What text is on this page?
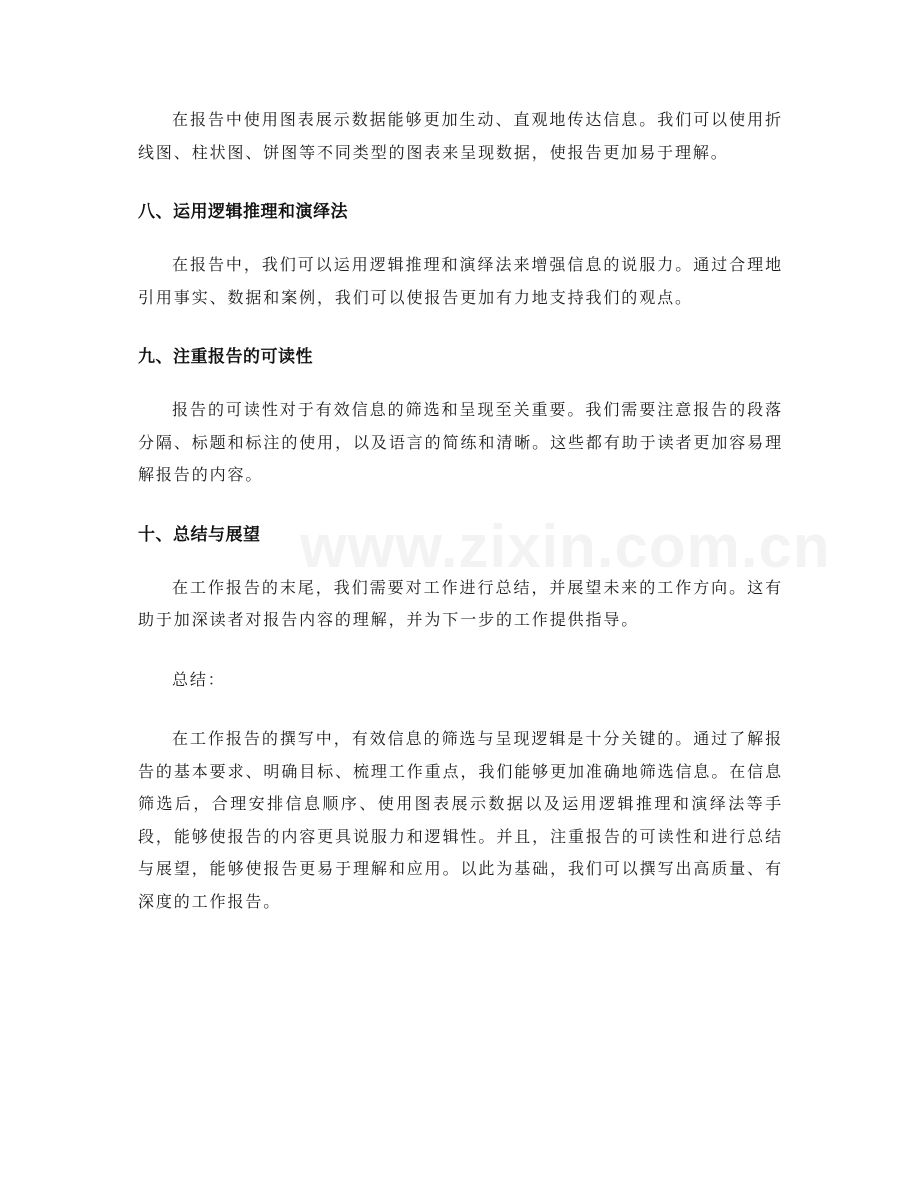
在报告中使用图表展示数据能够更加生动、直观地传达信息。我们可以使用折线图、柱状图、饼图等不同类型的图表来呈现数据，使报告更加易于理解。

八、运用逻辑推理和演绎法

在报告中，我们可以运用逻辑推理和演绎法来增强信息的说服力。通过合理地引用事实、数据和案例，我们可以使报告更加有力地支持我们的观点。

九、注重报告的可读性

报告的可读性对于有效信息的筛选和呈现至关重要。我们需要注意报告的段落分隔、标题和标注的使用，以及语言的简练和清晰。这些都有助于读者更加容易理解报告的内容。

十、总结与展望

在工作报告的末尾，我们需要对工作进行总结，并展望未来的工作方向。这有助于加深读者对报告内容的理解，并为下一步的工作提供指导。

总结：

在工作报告的撰写中，有效信息的筛选与呈现逻辑是十分关键的。通过了解报告的基本要求、明确目标、梳理工作重点，我们能够更加准确地筛选信息。在信息筛选后，合理安排信息顺序、使用图表展示数据以及运用逻辑推理和演绎法等手段，能够使报告的内容更具说服力和逻辑性。并且，注重报告的可读性和进行总结与展望，能够使报告更易于理解和应用。以此为基础，我们可以撰写出高质量、有深度的工作报告。

www.zixin.com.cn
